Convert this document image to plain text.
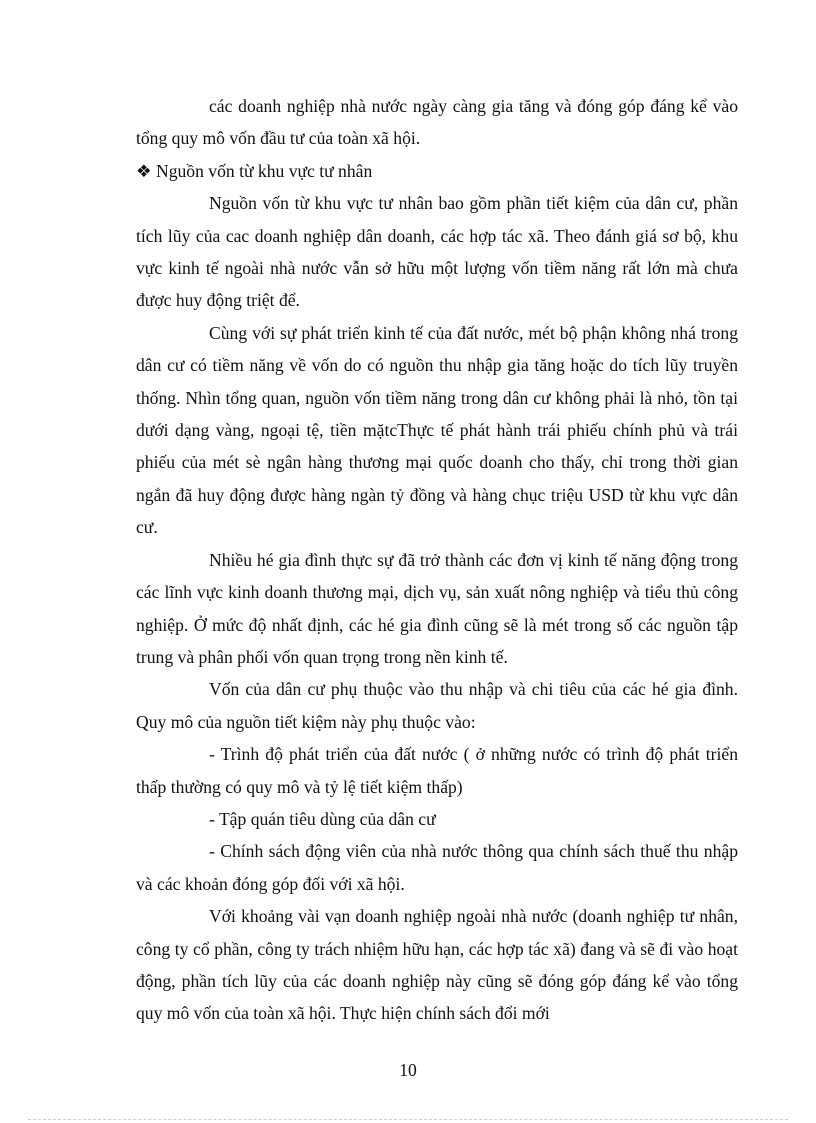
các doanh nghiệp nhà nước ngày càng gia tăng và đóng góp đáng kể vào tổng quy mô vốn đầu tư của toàn xã hội.

❖ Nguồn vốn từ khu vực tư nhân

Nguồn vốn từ khu vực tư nhân bao gồm phần tiết kiệm của dân cư, phần tích lũy của cac doanh nghiệp dân doanh, các hợp tác xã. Theo đánh giá sơ bộ, khu vực kinh tế ngoài nhà nước vẫn sở hữu một lượng vốn tiềm năng rất lớn mà chưa được huy động triệt để.

Cùng với sự phát triển kinh tế của đất nước, mét bộ phận không nhá trong dân cư có tiềm năng về vốn do có nguồn thu nhập gia tăng hoặc do tích lũy truyền thống. Nhìn tổng quan, nguồn vốn tiềm năng trong dân cư không phải là nhỏ, tồn tại dưới dạng vàng, ngoại tệ, tiền mặtcThực tế phát hành trái phiếu chính phủ và trái phiếu của mét sè ngân hàng thương mại quốc doanh cho thấy, chỉ trong thời gian ngắn đã huy động được hàng ngàn tỷ đồng và hàng chục triệu USD từ khu vực dân cư.

Nhiều hé gia đình thực sự đã trở thành các đơn vị kinh tế năng động trong các lĩnh vực kinh doanh thương mại, dịch vụ, sản xuất nông nghiệp và tiểu thủ công nghiệp. Ở mức độ nhất định, các hé gia đình cũng sẽ là mét trong số các nguồn tập trung và phân phối vốn quan trọng trong nền kinh tế.

Vốn của dân cư phụ thuộc vào thu nhập và chi tiêu của các hé gia đình. Quy mô của nguồn tiết kiệm này phụ thuộc vào:

- Trình độ phát triển của đất nước ( ở những nước có trình độ phát triển thấp thường có quy mô và tỷ lệ tiết kiệm thấp)

- Tập quán tiêu dùng của dân cư

- Chính sách động viên của nhà nước thông qua chính sách thuế thu nhập và các khoản đóng góp đối với xã hội.

Với khoảng vài vạn doanh nghiệp ngoài nhà nước (doanh nghiệp tư nhân, công ty cổ phần, công ty trách nhiệm hữu hạn, các hợp tác xã) đang và sẽ đi vào hoạt động, phần tích lũy của các doanh nghiệp này cũng sẽ đóng góp đáng kể vào tổng quy mô vốn của toàn xã hội. Thực hiện chính sách đổi mới

10
